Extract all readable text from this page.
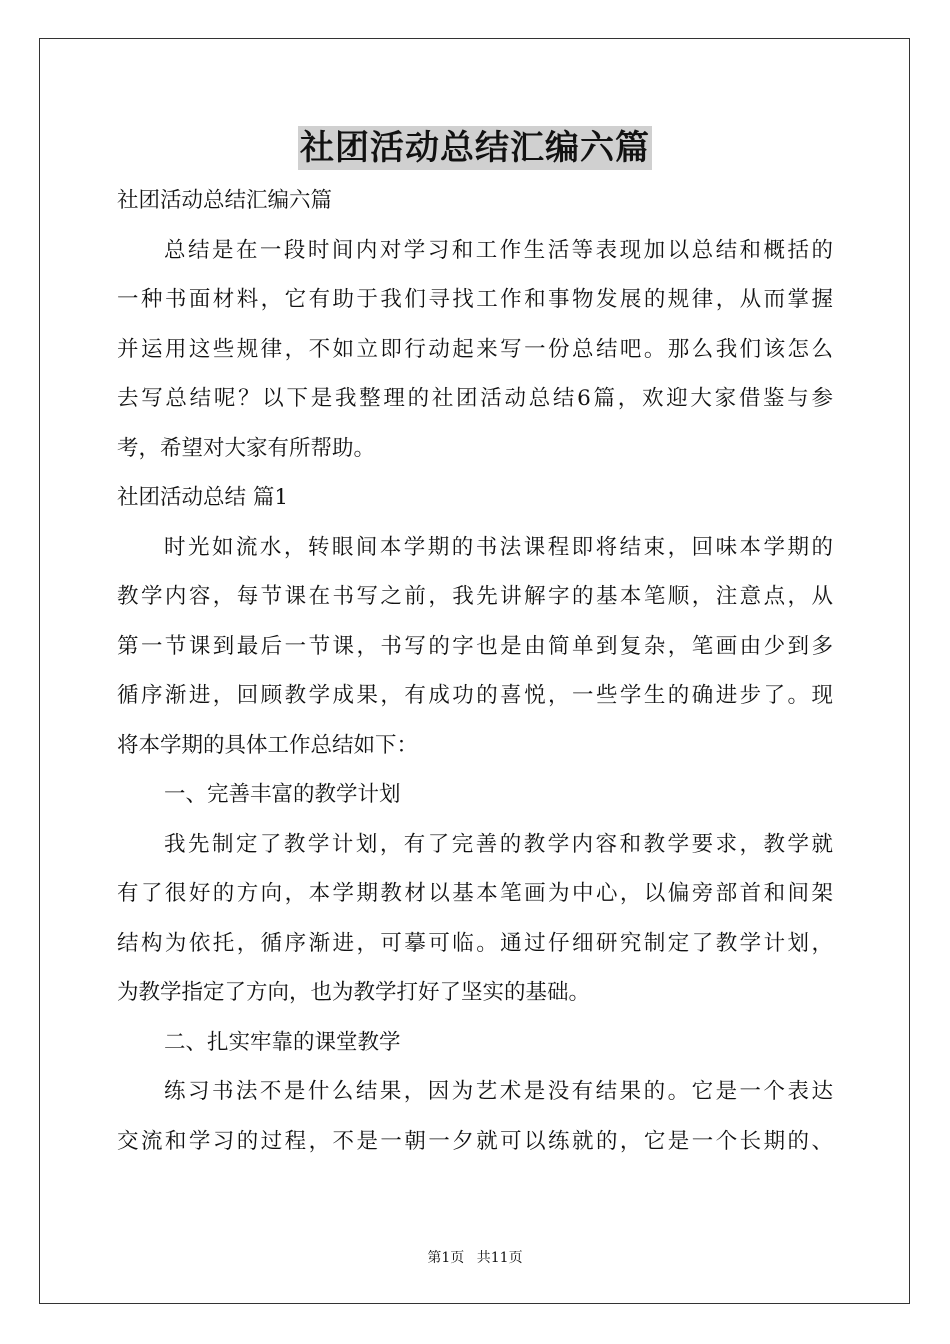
社团活动总结汇编六篇
社团活动总结汇编六篇
总结是在一段时间内对学习和工作生活等表现加以总结和概括的
一种书面材料，它有助于我们寻找工作和事物发展的规律，从而掌握
并运用这些规律，不如立即行动起来写一份总结吧。那么我们该怎么
去写总结呢？以下是我整理的社团活动总结6篇，欢迎大家借鉴与参
考，希望对大家有所帮助。
社团活动总结 篇1
时光如流水，转眼间本学期的书法课程即将结束，回味本学期的
教学内容，每节课在书写之前，我先讲解字的基本笔顺，注意点，从
第一节课到最后一节课，书写的字也是由简单到复杂，笔画由少到多
循序渐进，回顾教学成果，有成功的喜悦，一些学生的确进步了。现
将本学期的具体工作总结如下：
一、完善丰富的教学计划
我先制定了教学计划，有了完善的教学内容和教学要求，教学就
有了很好的方向，本学期教材以基本笔画为中心，以偏旁部首和间架
结构为依托，循序渐进，可摹可临。通过仔细研究制定了教学计划，
为教学指定了方向，也为教学打好了坚实的基础。
二、扎实牢靠的课堂教学
练习书法不是什么结果，因为艺术是没有结果的。它是一个表达
交流和学习的过程，不是一朝一夕就可以练就的，它是一个长期的、
第1页 共11页
